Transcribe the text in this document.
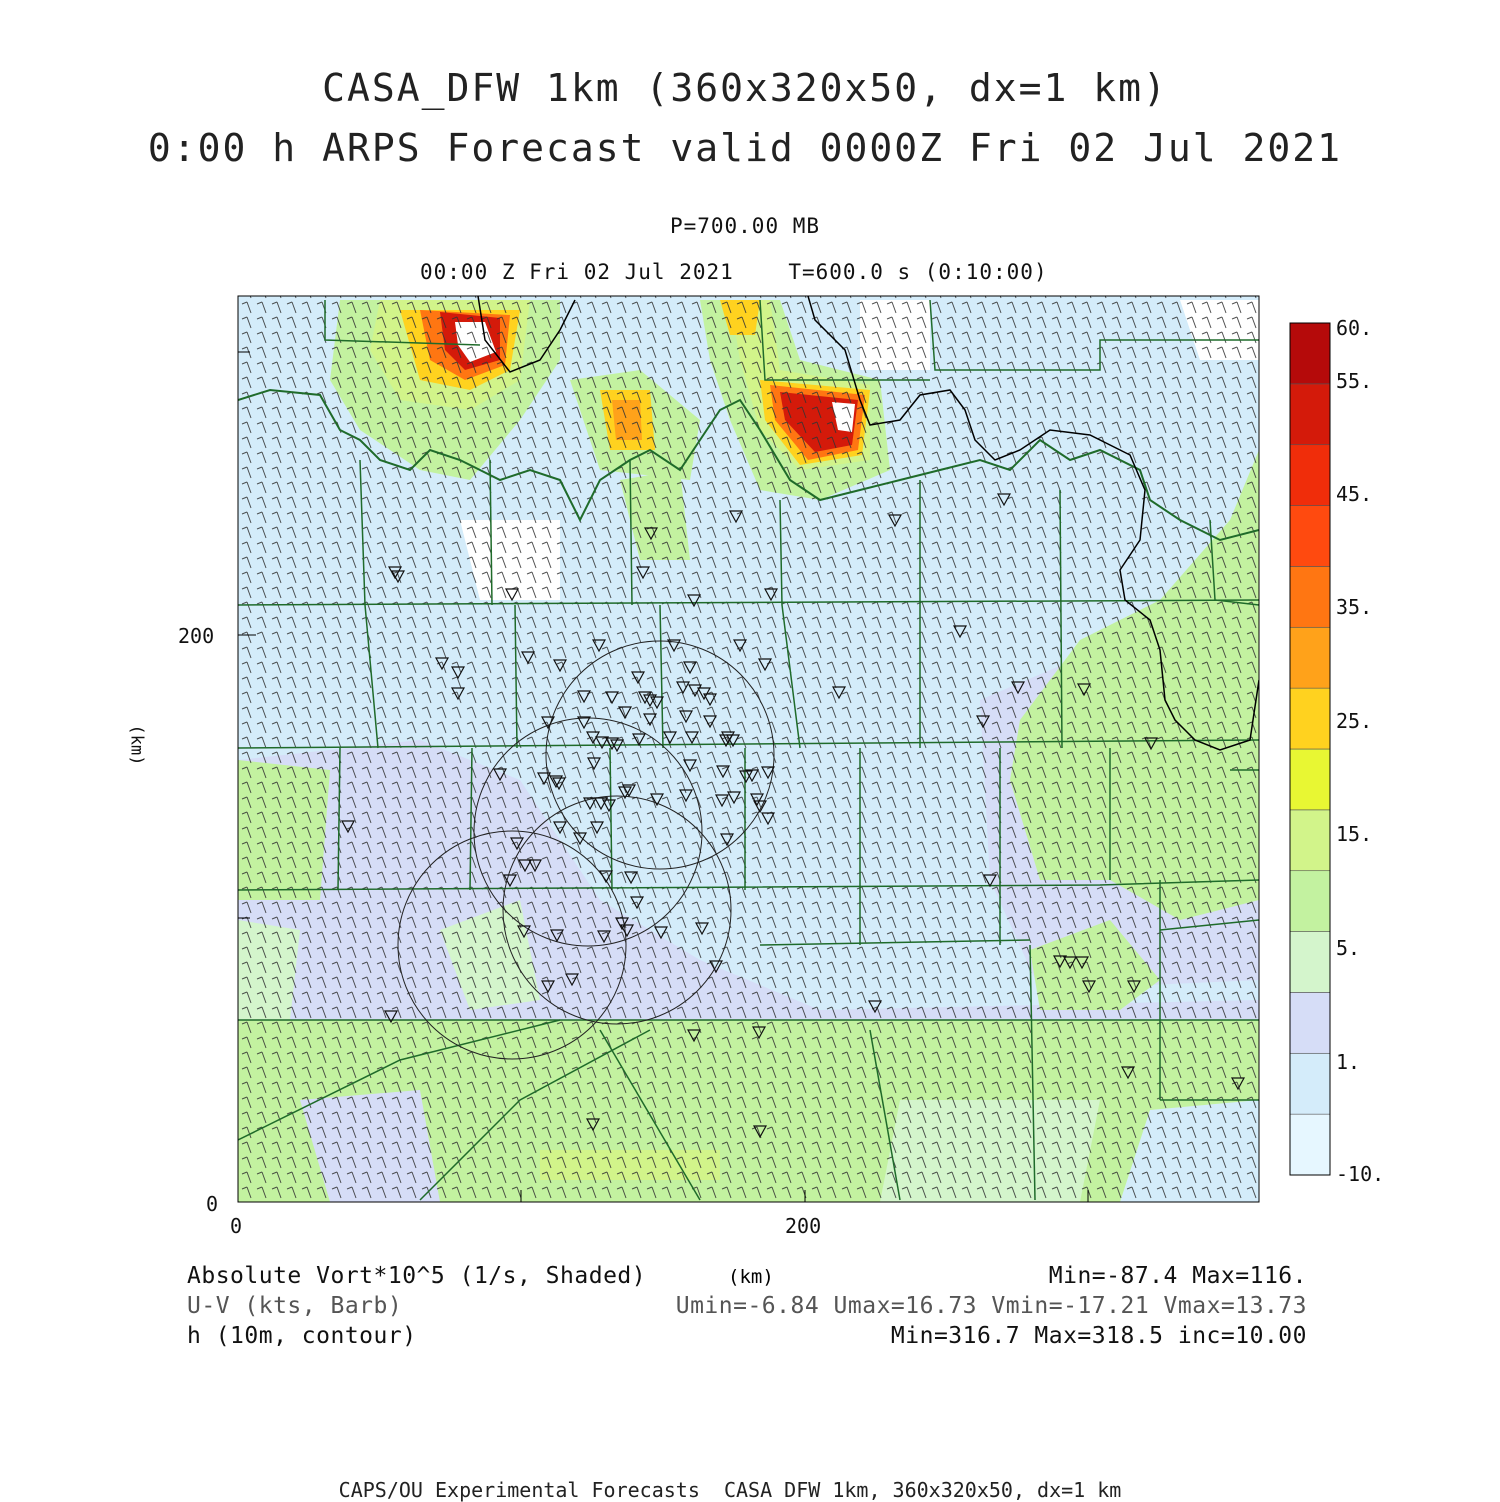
CASA_DFW 1km (360x320x50, dx=1 km)
0:00 h ARPS Forecast valid 0000Z Fri 02 Jul 2021
P=700.00 MB
00:00 Z Fri 02 Jul 2021    T=600.0 s (0:10:00)
0	200
0
200
(km)
(km)
60.
55.
45.
35.
25.
15.
5.
1.
-10.
Absolute Vort*10^5 (1/s, Shaded)	Min=-87.4 Max=116.
U-V (kts, Barb)	Umin=-6.84 Umax=16.73 Vmin=-17.21 Vmax=13.73
h (10m, contour)	Min=316.7 Max=318.5 inc=10.00
CAPS/OU Experimental Forecasts  CASA DFW 1km, 360x320x50, dx=1 km
